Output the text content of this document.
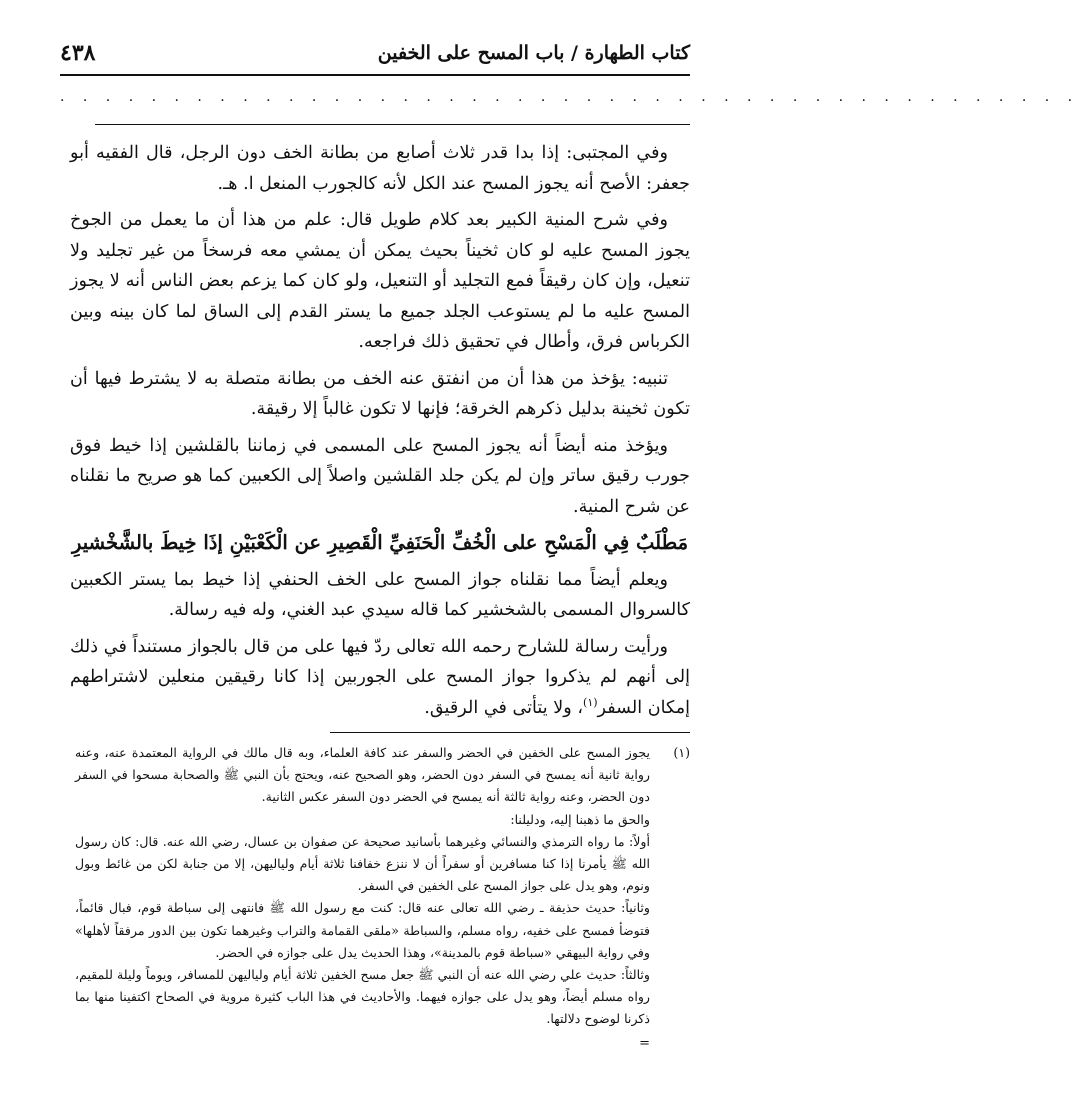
كتاب الطهارة / باب المسح على الخفين
٤٣٨
. . . . . . . . . . . . . . . . . . . . . . . . . . . . . . . . . . . . . . . . . . . . .

وفي المجتبى: إذا بدا قدر ثلاث أصابع من بطانة الخف دون الرجل، قال الفقيه أبو جعفر: الأصح أنه يجوز المسح عند الكل لأنه كالجورب المنعل ا. هـ.

وفي شرح المنية الكبير بعد كلام طويل قال: علم من هذا أن ما يعمل من الجوخ يجوز المسح عليه لو كان ثخيناً بحيث يمكن أن يمشي معه فرسخاً من غير تجليد ولا تنعيل، وإن كان رقيقاً فمع التجليد أو التنعيل، ولو كان كما يزعم بعض الناس أنه لا يجوز المسح عليه ما لم يستوعب الجلد جميع ما يستر القدم إلى الساق لما كان بينه وبين الكرباس فرق، وأطال في تحقيق ذلك فراجعه.

تنبيه: يؤخذ من هذا أن من انفتق عنه الخف من بطانة متصلة به لا يشترط فيها أن تكون ثخينة بدليل ذكرهم الخرقة؛ فإنها لا تكون غالباً إلا رقيقة.

ويؤخذ منه أيضاً أنه يجوز المسح على المسمى في زماننا بالقلشين إذا خيط فوق جورب رقيق ساتر وإن لم يكن جلد القلشين واصلاً إلى الكعبين كما هو صريح ما نقلناه عن شرح المنية.

مَطْلَبٌ فِي الْمَسْحِ على الْخُفِّ الْحَنَفِيِّ الْقَصِيرِ عن الْكَعْبَيْنِ إذَا خِيطَ بالشَّخْشيرِ

ويعلم أيضاً مما نقلناه جواز المسح على الخف الحنفي إذا خيط بما يستر الكعبين كالسروال المسمى بالشخشير كما قاله سيدي عبد الغني، وله فيه رسالة.

ورأيت رسالة للشارح رحمه الله تعالى ردّ فيها على من قال بالجواز مستنداً في ذلك إلى أنهم لم يذكروا جواز المسح على الجوربين إذا كانا رقيقين منعلين لاشتراطهم إمكان السفر$^{(١)}$، ولا يتأتى في الرقيق.

(١)

يجوز المسح على الخفين في الحضر والسفر عند كافة العلماء، وبه قال مالك في الرواية المعتمدة عنه، وعنه رواية ثانية أنه يمسح في السفر دون الحضر، وهو الصحيح عنه، ويحتج بأن النبي ﷺ والصحابة مسحوا في السفر دون الحضر، وعنه رواية ثالثة أنه يمسح في الحضر دون السفر عكس الثانية.

والحق ما ذهبنا إليه، ودليلنا:

أولاً: ما رواه الترمذي والنسائي وغيرهما بأسانيد صحيحة عن صفوان بن عسال، رضي الله عنه. قال: كان رسول الله ﷺ يأمرنا إذا كنا مسافرين أو سفراً أن لا ننزع خفافنا ثلاثة أيام ولياليهن، إلا من جنابة لكن من غائط وبول ونوم، وهو يدل على جواز المسح على الخفين في السفر.

وثانياً: حديث حذيفة ـ رضي الله تعالى عنه قال: كنت مع رسول الله ﷺ فانتهى إلى سباطة قوم، فبال قائماً، فتوضأ فمسح على خفيه، رواه مسلم، والسباطة «ملقى القمامة والتراب وغيرهما تكون بين الدور مرفقاً لأهلها» وفي رواية البيهقي «سباطة قوم بالمدينة»، وهذا الحديث يدل على جوازه في الحضر.

وثالثاً: حديث علي رضي الله عنه أن النبي ﷺ جعل مسح الخفين ثلاثة أيام ولياليهن للمسافر، ويوماً وليلة للمقيم، رواه مسلم أيضاً، وهو يدل على جوازه فيهما. والأحاديث في هذا الباب كثيرة مروية في الصحاح اكتفينا منها بما ذكرنا لوضوح دلالتها.

=
